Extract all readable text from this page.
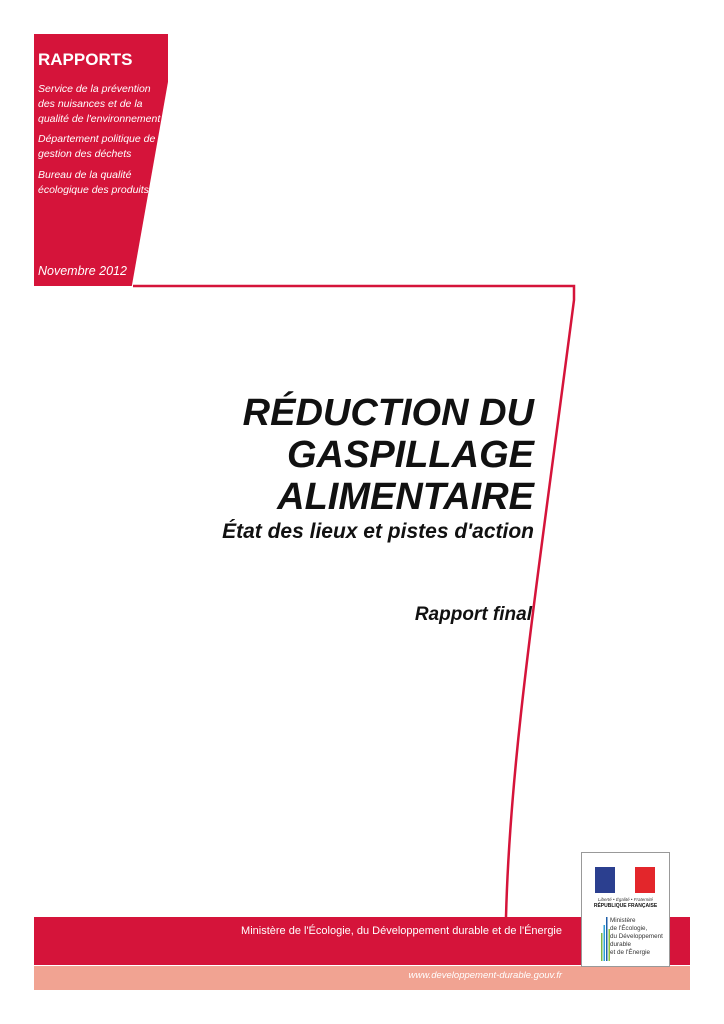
RAPPORTS
Service de la prévention des nuisances et de la qualité de l'environnement
Département politique de gestion des déchets
Bureau de la qualité écologique des produits
Novembre 2012
RÉDUCTION DU
GASPILLAGE
ALIMENTAIRE
État des lieux et pistes d'action
Rapport final
Ministère de l'Écologie, du Développement durable et de l'Énergie
www.developpement-durable.gouv.fr
Liberté • Égalité • Fraternité
RÉPUBLIQUE FRANÇAISE
Ministère
de l'Écologie,
du Développement
durable
et de l'Énergie
